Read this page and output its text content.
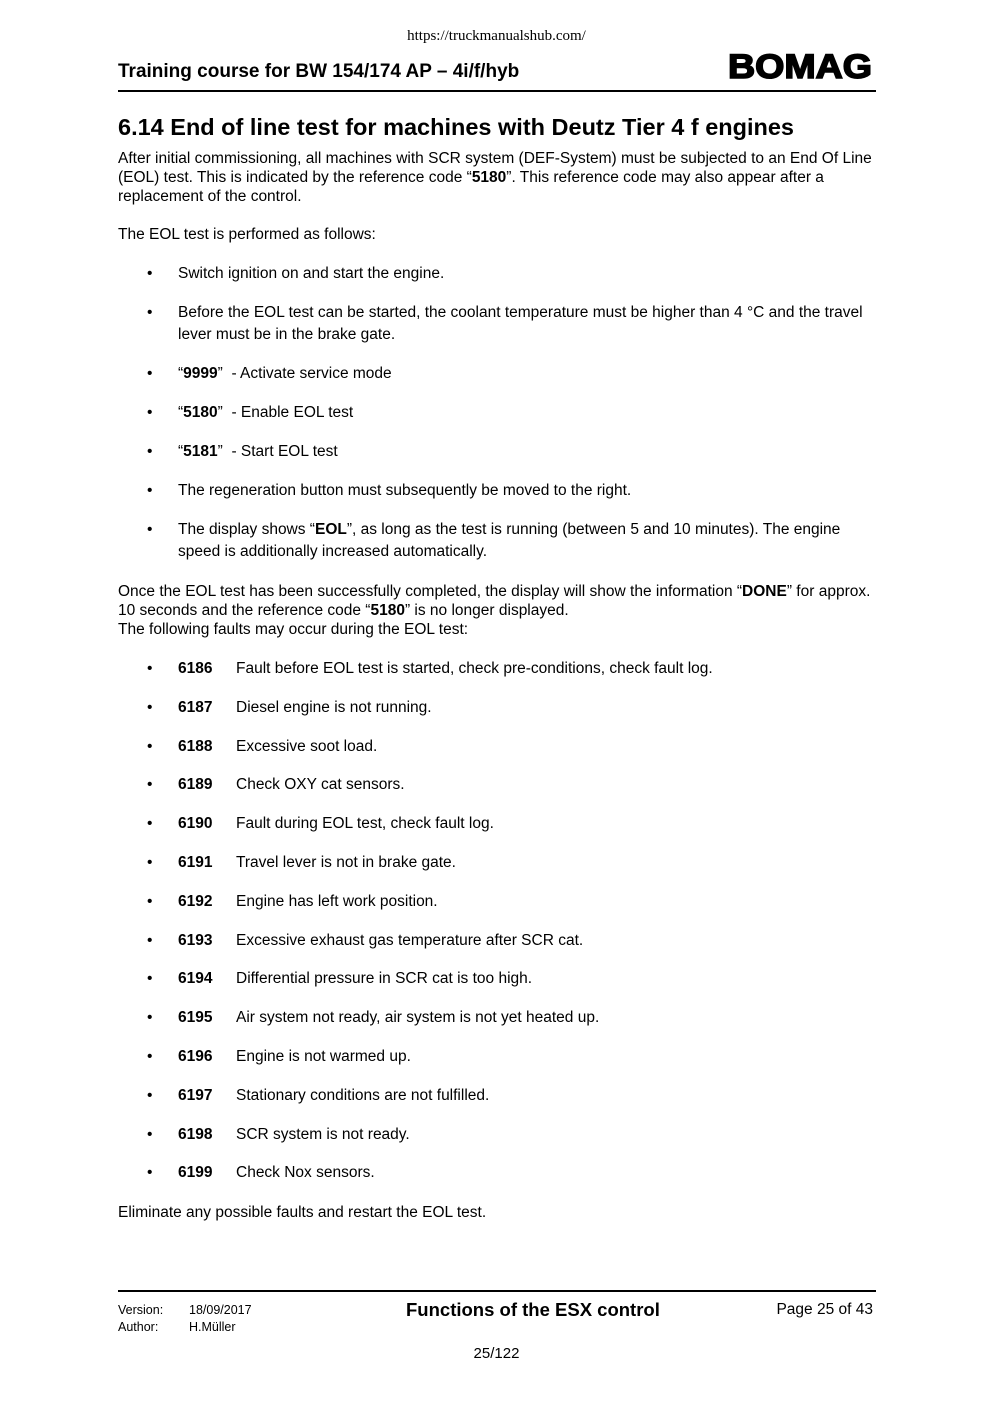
https://truckmanualshub.com/
Training course for BW 154/174 AP – 4i/f/hyb	BOMAG
6.14 End of line test for machines with Deutz Tier 4 f engines

After initial commissioning, all machines with SCR system (DEF-System) must be subjected to an End Of Line (EOL) test. This is indicated by the reference code “5180”. This reference code may also appear after a replacement of the control.

The EOL test is performed as follows:

• Switch ignition on and start the engine.
• Before the EOL test can be started, the coolant temperature must be higher than 4 °C and the travel lever must be in the brake gate.
• “9999”  - Activate service mode
• “5180”  - Enable EOL test
• “5181”  - Start EOL test
• The regeneration button must subsequently be moved to the right.
• The display shows “EOL”, as long as the test is running (between 5 and 10 minutes). The engine speed is additionally increased automatically.

Once the EOL test has been successfully completed, the display will show the information “DONE” for approx. 10 seconds and the reference code “5180” is no longer displayed.
The following faults may occur during the EOL test:

• 6186 Fault before EOL test is started, check pre-conditions, check fault log.
• 6187 Diesel engine is not running.
• 6188 Excessive soot load.
• 6189 Check OXY cat sensors.
• 6190 Fault during EOL test, check fault log.
• 6191 Travel lever is not in brake gate.
• 6192 Engine has left work position.
• 6193 Excessive exhaust gas temperature after SCR cat.
• 6194 Differential pressure in SCR cat is too high.
• 6195 Air system not ready, air system is not yet heated up.
• 6196 Engine is not warmed up.
• 6197 Stationary conditions are not fulfilled.
• 6198 SCR system is not ready.
• 6199 Check Nox sensors.

Eliminate any possible faults and restart the EOL test.

Version: 18/09/2017
Author: H.Müller
Functions of the ESX control	Page 25 of 43
25/122
